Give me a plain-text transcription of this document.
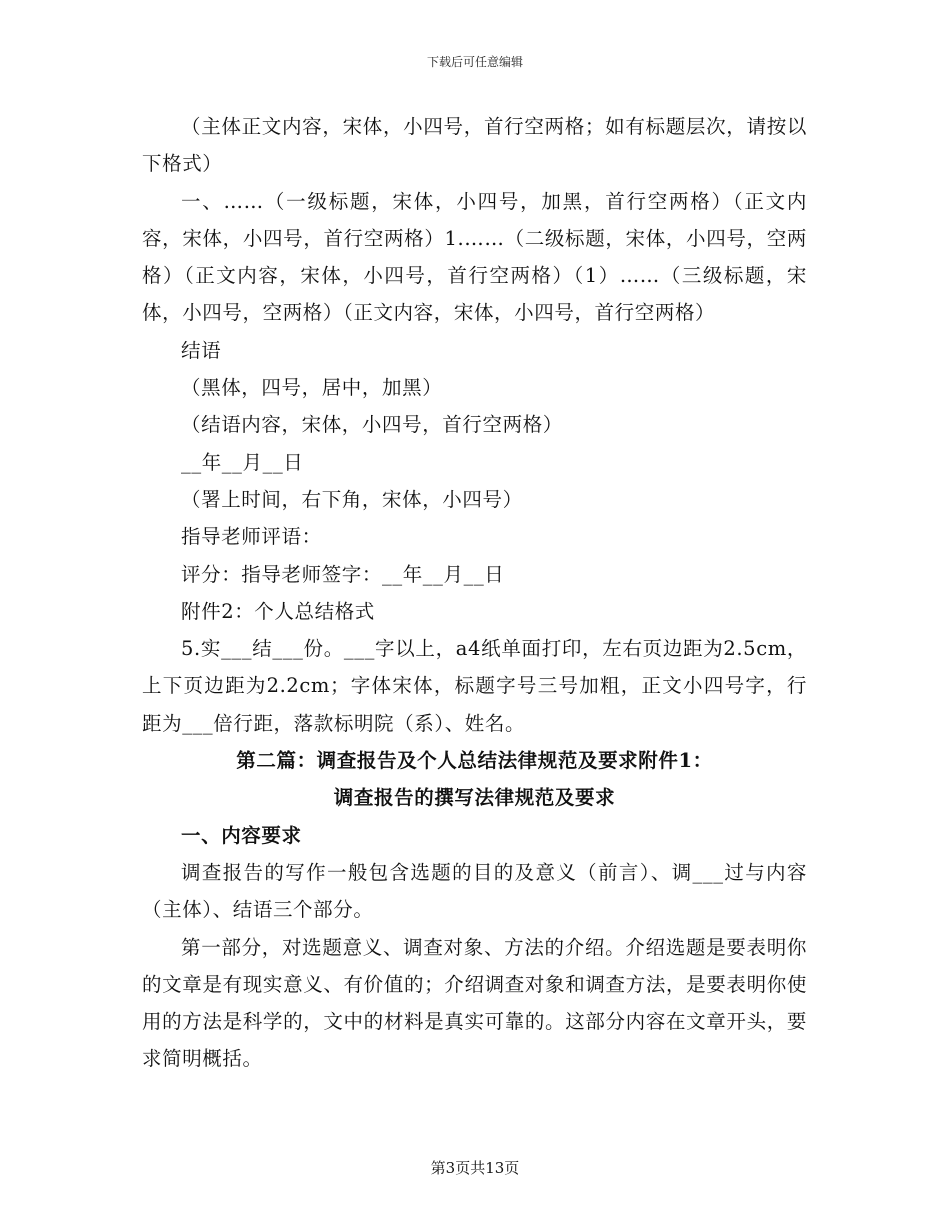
下载后可任意编辑

（主体正文内容，宋体，小四号，首行空两格；如有标题层次，请按以下格式）

一、……（一级标题，宋体，小四号，加黑，首行空两格）（正文内容，宋体，小四号，首行空两格）1.……（二级标题，宋体，小四号，空两格）（正文内容，宋体，小四号，首行空两格）（1）……（三级标题，宋体，小四号，空两格）（正文内容，宋体，小四号，首行空两格）

结语

（黑体，四号，居中，加黑）

（结语内容，宋体，小四号，首行空两格）

__年__月__日

（署上时间，右下角，宋体，小四号）

指导老师评语：

评分：指导老师签字：__年__月__日

附件2：个人总结格式

5.实___结___份。___字以上，a4纸单面打印，左右页边距为2.5cm，上下页边距为2.2cm；字体宋体，标题字号三号加粗，正文小四号字，行距为___倍行距，落款标明院（系）、姓名。

第二篇：调查报告及个人总结法律规范及要求附件1：

调查报告的撰写法律规范及要求

一、内容要求

调查报告的写作一般包含选题的目的及意义（前言）、调___过与内容（主体）、结语三个部分。

第一部分，对选题意义、调查对象、方法的介绍。介绍选题是要表明你的文章是有现实意义、有价值的；介绍调查对象和调查方法，是要表明你使用的方法是科学的，文中的材料是真实可靠的。这部分内容在文章开头，要求简明概括。

第3页共13页
